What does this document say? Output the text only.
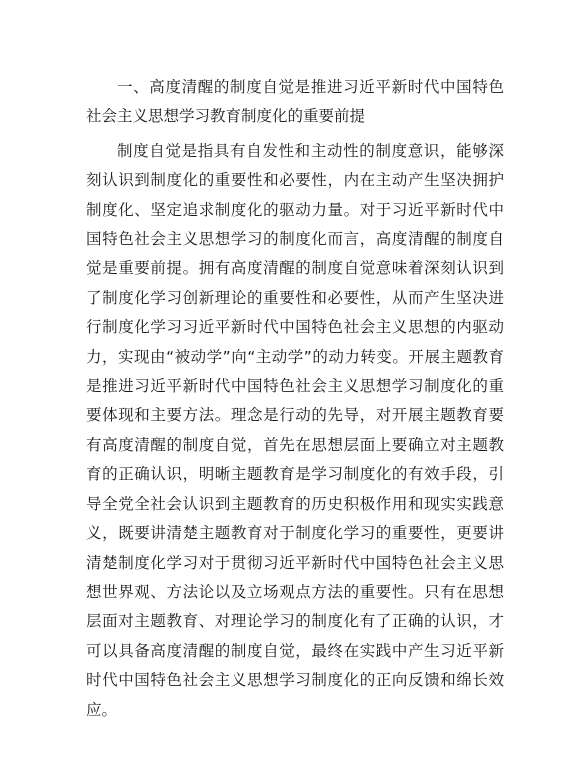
一、高度清醒的制度自觉是推进习近平新时代中国特色社会主义思想学习教育制度化的重要前提

制度自觉是指具有自发性和主动性的制度意识，能够深刻认识到制度化的重要性和必要性，内在主动产生坚决拥护制度化、坚定追求制度化的驱动力量。对于习近平新时代中国特色社会主义思想学习的制度化而言，高度清醒的制度自觉是重要前提。拥有高度清醒的制度自觉意味着深刻认识到了制度化学习创新理论的重要性和必要性，从而产生坚决进行制度化学习习近平新时代中国特色社会主义思想的内驱动力，实现由“被动学”向“主动学”的动力转变。开展主题教育是推进习近平新时代中国特色社会主义思想学习制度化的重要体现和主要方法。理念是行动的先导，对开展主题教育要有高度清醒的制度自觉，首先在思想层面上要确立对主题教育的正确认识，明晰主题教育是学习制度化的有效手段，引导全党全社会认识到主题教育的历史积极作用和现实实践意义，既要讲清楚主题教育对于制度化学习的重要性，更要讲清楚制度化学习对于贯彻习近平新时代中国特色社会主义思想世界观、方法论以及立场观点方法的重要性。只有在思想层面对主题教育、对理论学习的制度化有了正确的认识，才可以具备高度清醒的制度自觉，最终在实践中产生习近平新时代中国特色社会主义思想学习制度化的正向反馈和绵长效应。
